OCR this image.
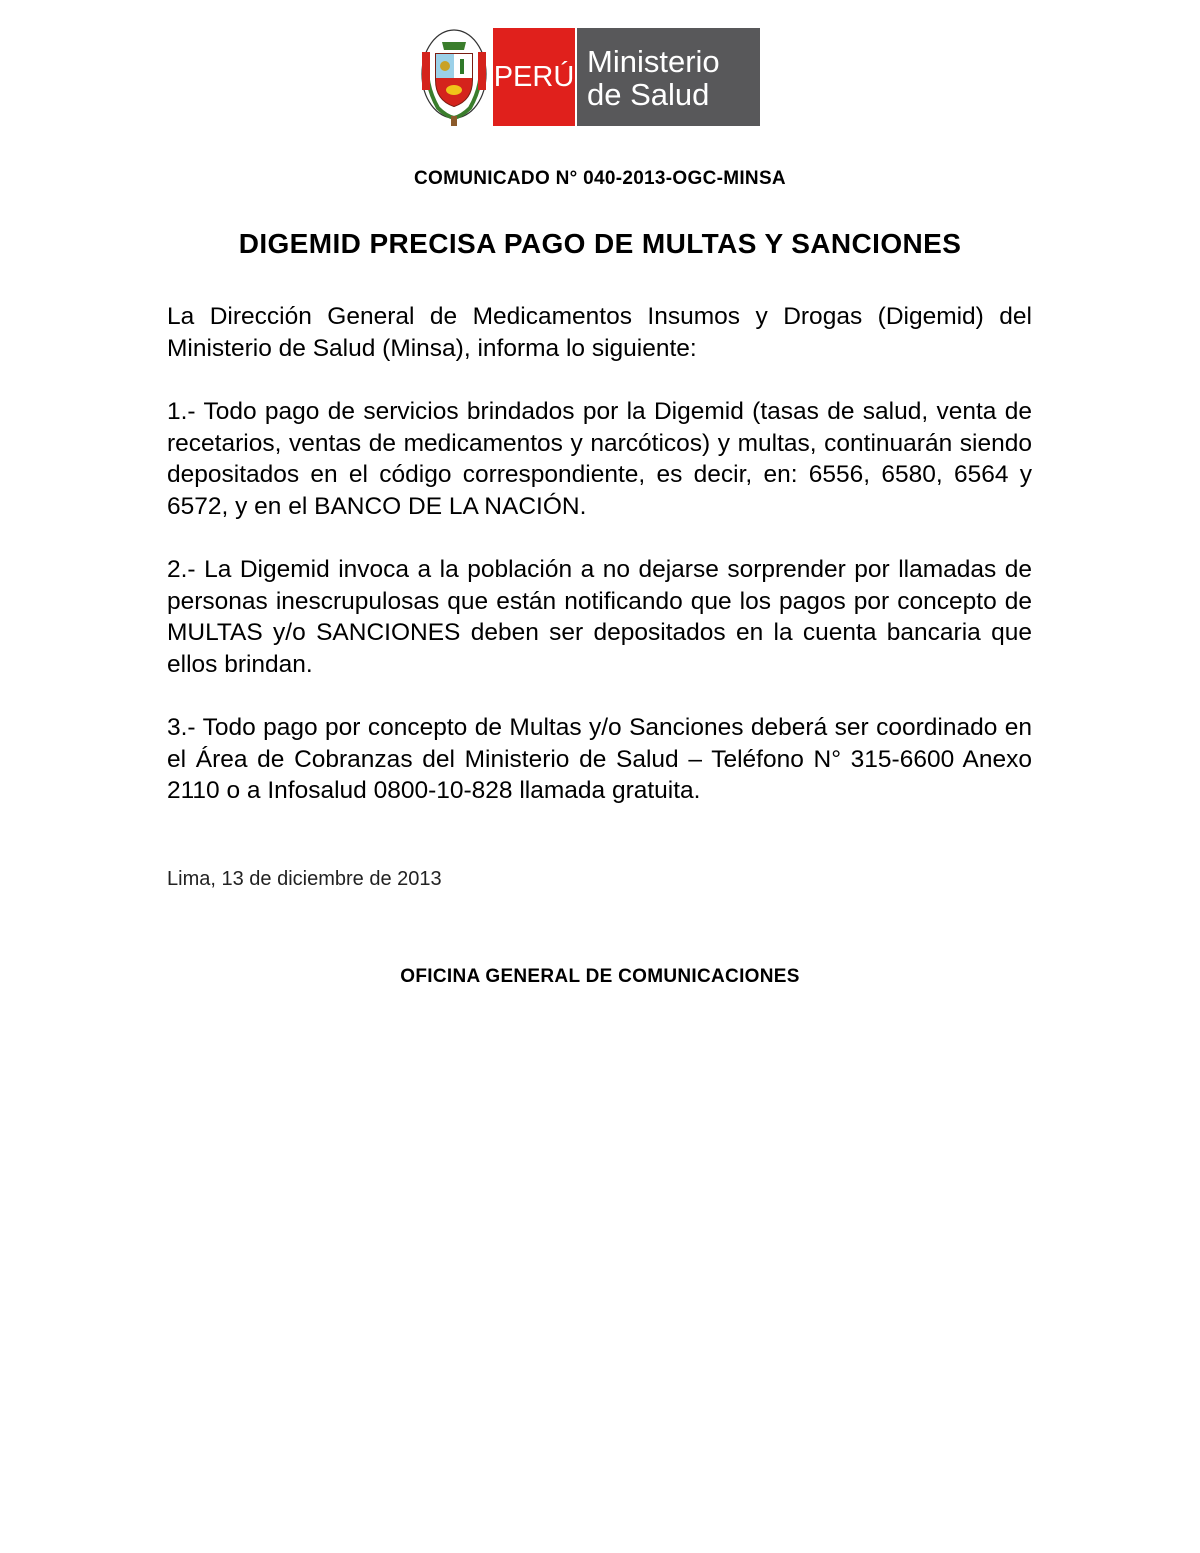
PERÚ Ministerio
de Salud
COMUNICADO N° 040-2013-OGC-MINSA
DIGEMID PRECISA PAGO DE MULTAS Y SANCIONES
La Dirección General de Medicamentos Insumos y Drogas (Digemid) del Ministerio de Salud (Minsa), informa lo siguiente:
1.- Todo pago de servicios brindados por la Digemid (tasas de salud, venta de recetarios, ventas de medicamentos y narcóticos) y multas, continuarán siendo depositados en el código correspondiente, es decir, en: 6556, 6580, 6564 y 6572, y en el BANCO DE LA NACIÓN.
2.- La Digemid invoca a la población a no dejarse sorprender por llamadas de personas inescrupulosas que están notificando que los pagos por concepto de MULTAS y/o SANCIONES deben ser depositados en la cuenta bancaria que ellos brindan.
3.- Todo pago por concepto de Multas y/o Sanciones deberá ser coordinado en el Área de Cobranzas del Ministerio de Salud – Teléfono N° 315-6600 Anexo 2110 o a Infosalud 0800-10-828 llamada gratuita.
Lima, 13 de diciembre de 2013
OFICINA GENERAL DE COMUNICACIONES
